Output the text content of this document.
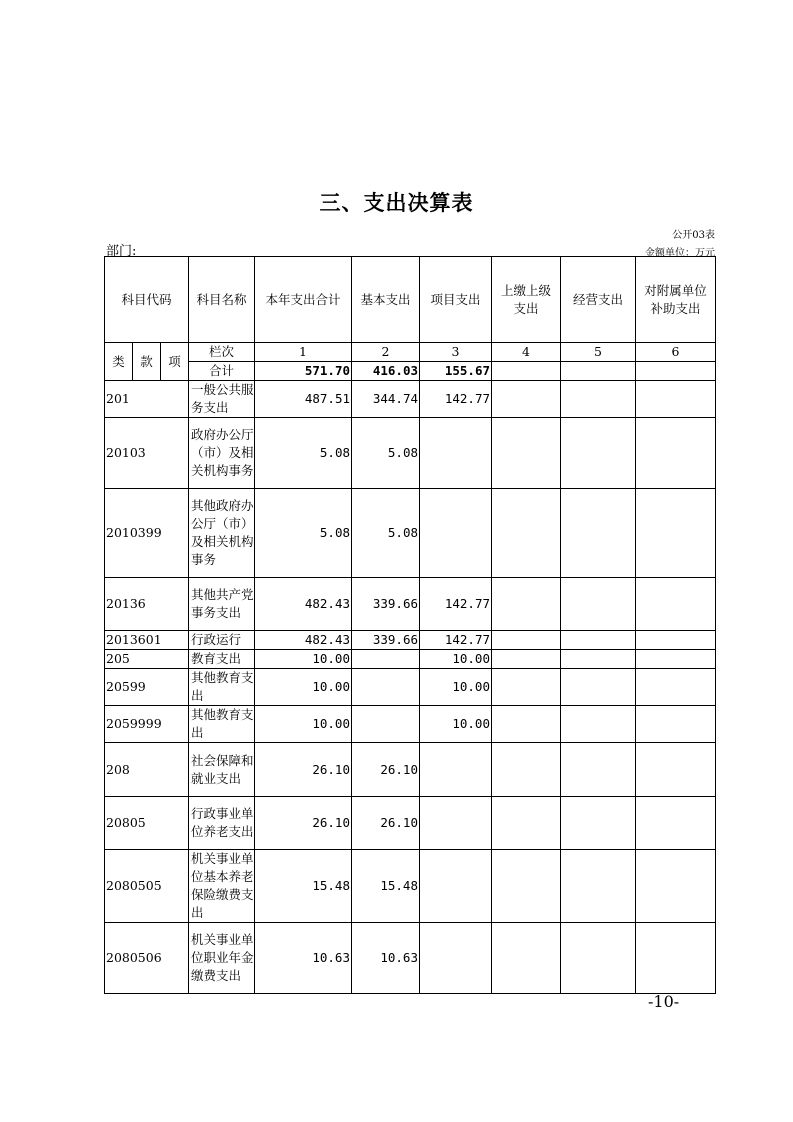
三、支出决算表
公开03表
部门:	金额单位：万元
科目代码			科目名称	本年支出合计	基本支出	项目支出	上缴上级支出	经营支出	对附属单位补助支出
类	款	项	栏次	1	2	3	4	5	6
			合计	571.70	416.03	155.67			
201			一般公共服务支出	487.51	344.74	142.77			
20103			政府办公厅（市）及相关机构事务	5.08	5.08				
2010399			其他政府办公厅（市）及相关机构事务	5.08	5.08				
20136			其他共产党事务支出	482.43	339.66	142.77			
2013601			行政运行	482.43	339.66	142.77			
205			教育支出	10.00		10.00			
20599			其他教育支出	10.00		10.00			
2059999			其他教育支出	10.00		10.00			
208			社会保障和就业支出	26.10	26.10				
20805			行政事业单位养老支出	26.10	26.10				
2080505			机关事业单位基本养老保险缴费支出	15.48	15.48				
2080506			机关事业单位职业年金缴费支出	10.63	10.63				
-10-
